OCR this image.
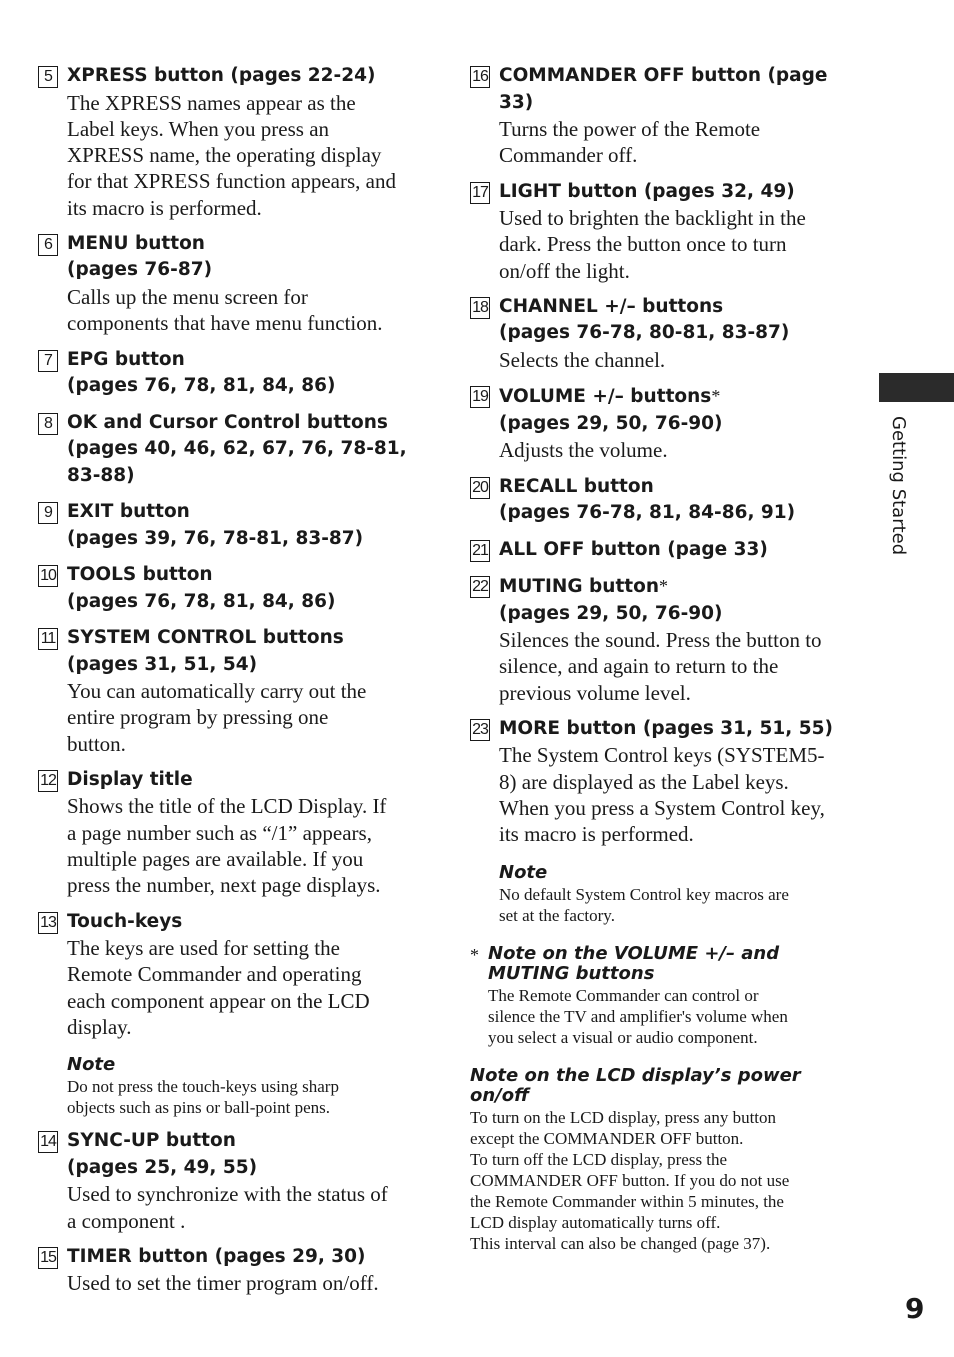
5 XPRESS button (pages 22-24)
The XPRESS names appear as the
Label keys. When you press an
XPRESS name, the operating display
for that XPRESS function appears, and
its macro is performed.
6 MENU button
(pages 76-87)
Calls up the menu screen for
components that have menu function.
7 EPG button
(pages 76, 78, 81, 84, 86)
8 OK and Cursor Control buttons
(pages 40, 46, 62, 67, 76, 78-81,
83-88)
9 EXIT button
(pages 39, 76, 78-81, 83-87)
10 TOOLS button
(pages 76, 78, 81, 84, 86)
11 SYSTEM CONTROL buttons
(pages 31, 51, 54)
You can automatically carry out the
entire program by pressing one
button.
12 Display title
Shows the title of the LCD Display. If
a page number such as “/1” appears,
multiple pages are available. If you
press the number, next page displays.
13 Touch-keys
The keys are used for setting the
Remote Commander and operating
each component appear on the LCD
display.
Note
Do not press the touch-keys using sharp
objects such as pins or ball-point pens.
14 SYNC-UP button
(pages 25, 49, 55)
Used to synchronize with the status of
a component .
15 TIMER button (pages 29, 30)
Used to set the timer program on/off.
16 COMMANDER OFF button (page 33)
Turns the power of the Remote
Commander off.
17 LIGHT button (pages 32, 49)
Used to brighten the backlight in the
dark. Press the button once to turn
on/off the light.
18 CHANNEL +/– buttons
(pages 76-78, 80-81, 83-87)
Selects the channel.
19 VOLUME +/– buttons*
(pages 29, 50, 76-90)
Adjusts the volume.
20 RECALL button
(pages 76-78, 81, 84-86, 91)
21 ALL OFF button (page 33)
22 MUTING button*
(pages 29, 50, 76-90)
Silences the sound. Press the button to
silence, and again to return to the
previous volume level.
23 MORE button (pages 31, 51, 55)
The System Control keys (SYSTEM5-
8) are displayed as the Label keys.
When you press a System Control key,
its macro is performed.
Note
No default System Control key macros are
set at the factory.
* Note on the VOLUME +/– and
MUTING buttons
The Remote Commander can control or
silence the TV and amplifier's volume when
you select a visual or audio component.
Note on the LCD display’s power
on/off
To turn on the LCD display, press any button
except the COMMANDER OFF button.
To turn off the LCD display, press the
COMMANDER OFF button. If you do not use
the Remote Commander within 5 minutes, the
LCD display automatically turns off.
This interval can also be changed (page 37).
Getting Started
9
